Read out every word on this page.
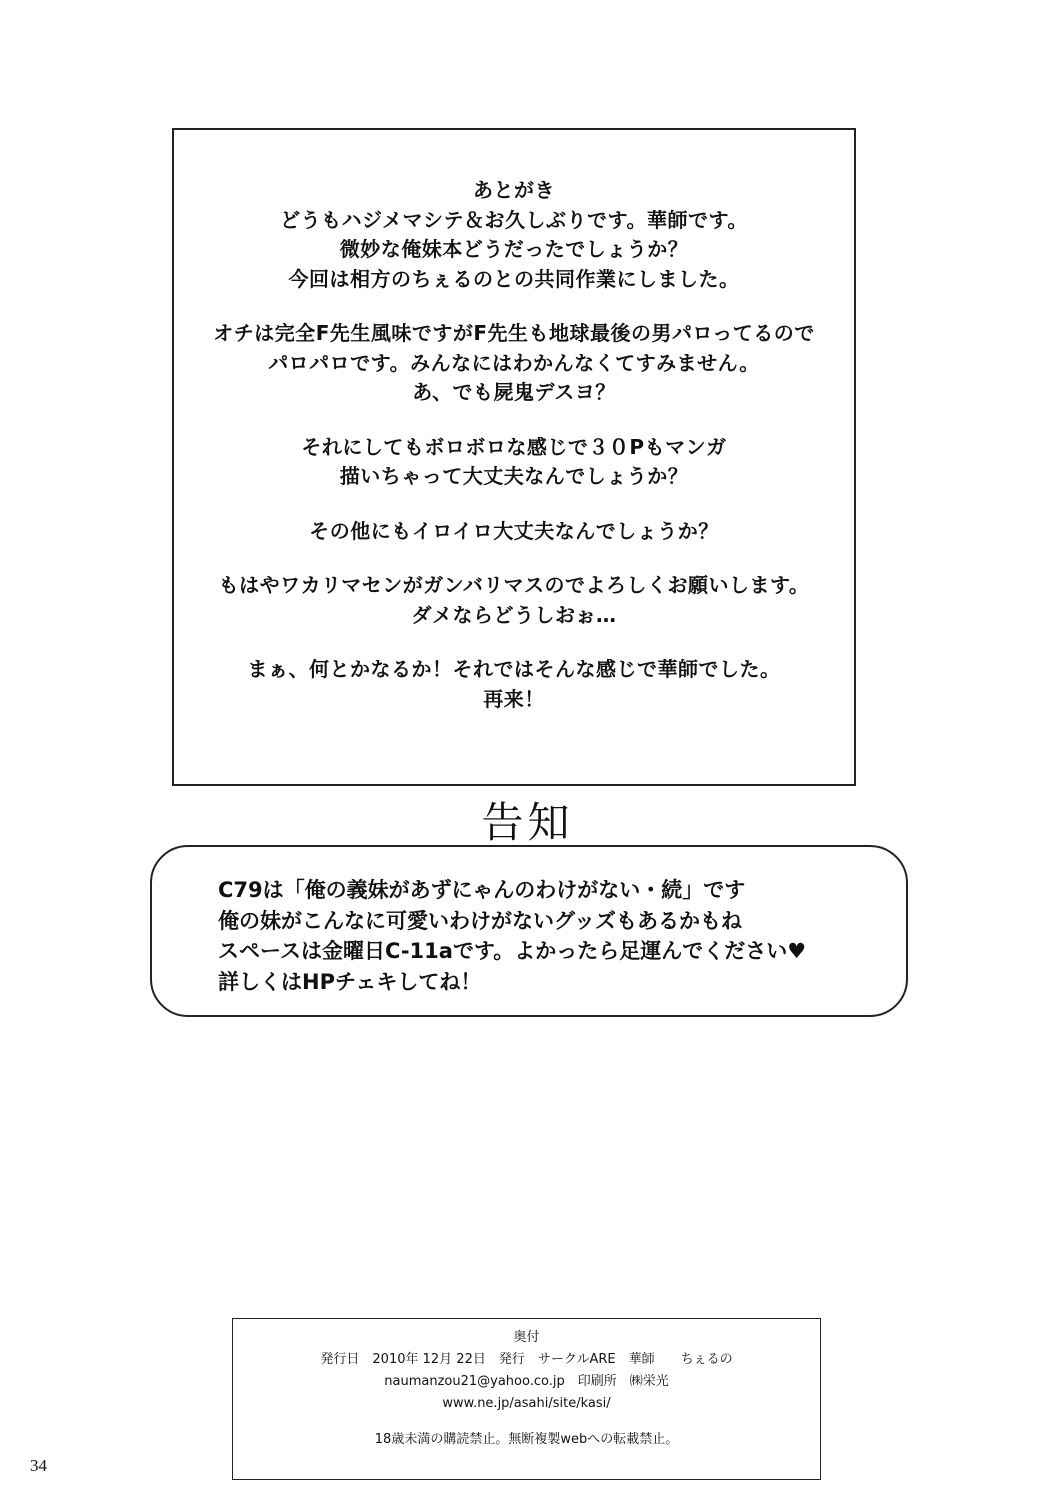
あとがき
どうもハジメマシテ＆お久しぶりです。華師です。
微妙な俺妹本どうだったでしょうか？
今回は相方のちぇるのとの共同作業にしました。
オチは完全F先生風味ですがF先生も地球最後の男パロってるので
パロパロです。みんなにはわかんなくてすみません。
あ、でも屍鬼デスヨ？
それにしてもボロボロな感じで３０Pもマンガ
描いちゃって大丈夫なんでしょうか？
その他にもイロイロ大丈夫なんでしょうか？
もはやワカリマセンがガンバリマスのでよろしくお願いします。
ダメならどうしおぉ…
まぁ、何とかなるか！それではそんな感じで華師でした。
再来！
告知
C79は「俺の義妹があずにゃんのわけがない・続」です
俺の妹がこんなに可愛いわけがないグッズもあるかもね
スペースは金曜日C-11aです。よかったら足運んでください♥
詳しくはHPチェキしてね！
奥付
発行日　2010年 12月 22日　発行　サークルARE　華師　　ちぇるの
naumanzou21@yahoo.co.jp　印刷所　㈱栄光
www.ne.jp/asahi/site/kasi/
18歳未満の購読禁止。無断複製webへの転載禁止。
34
